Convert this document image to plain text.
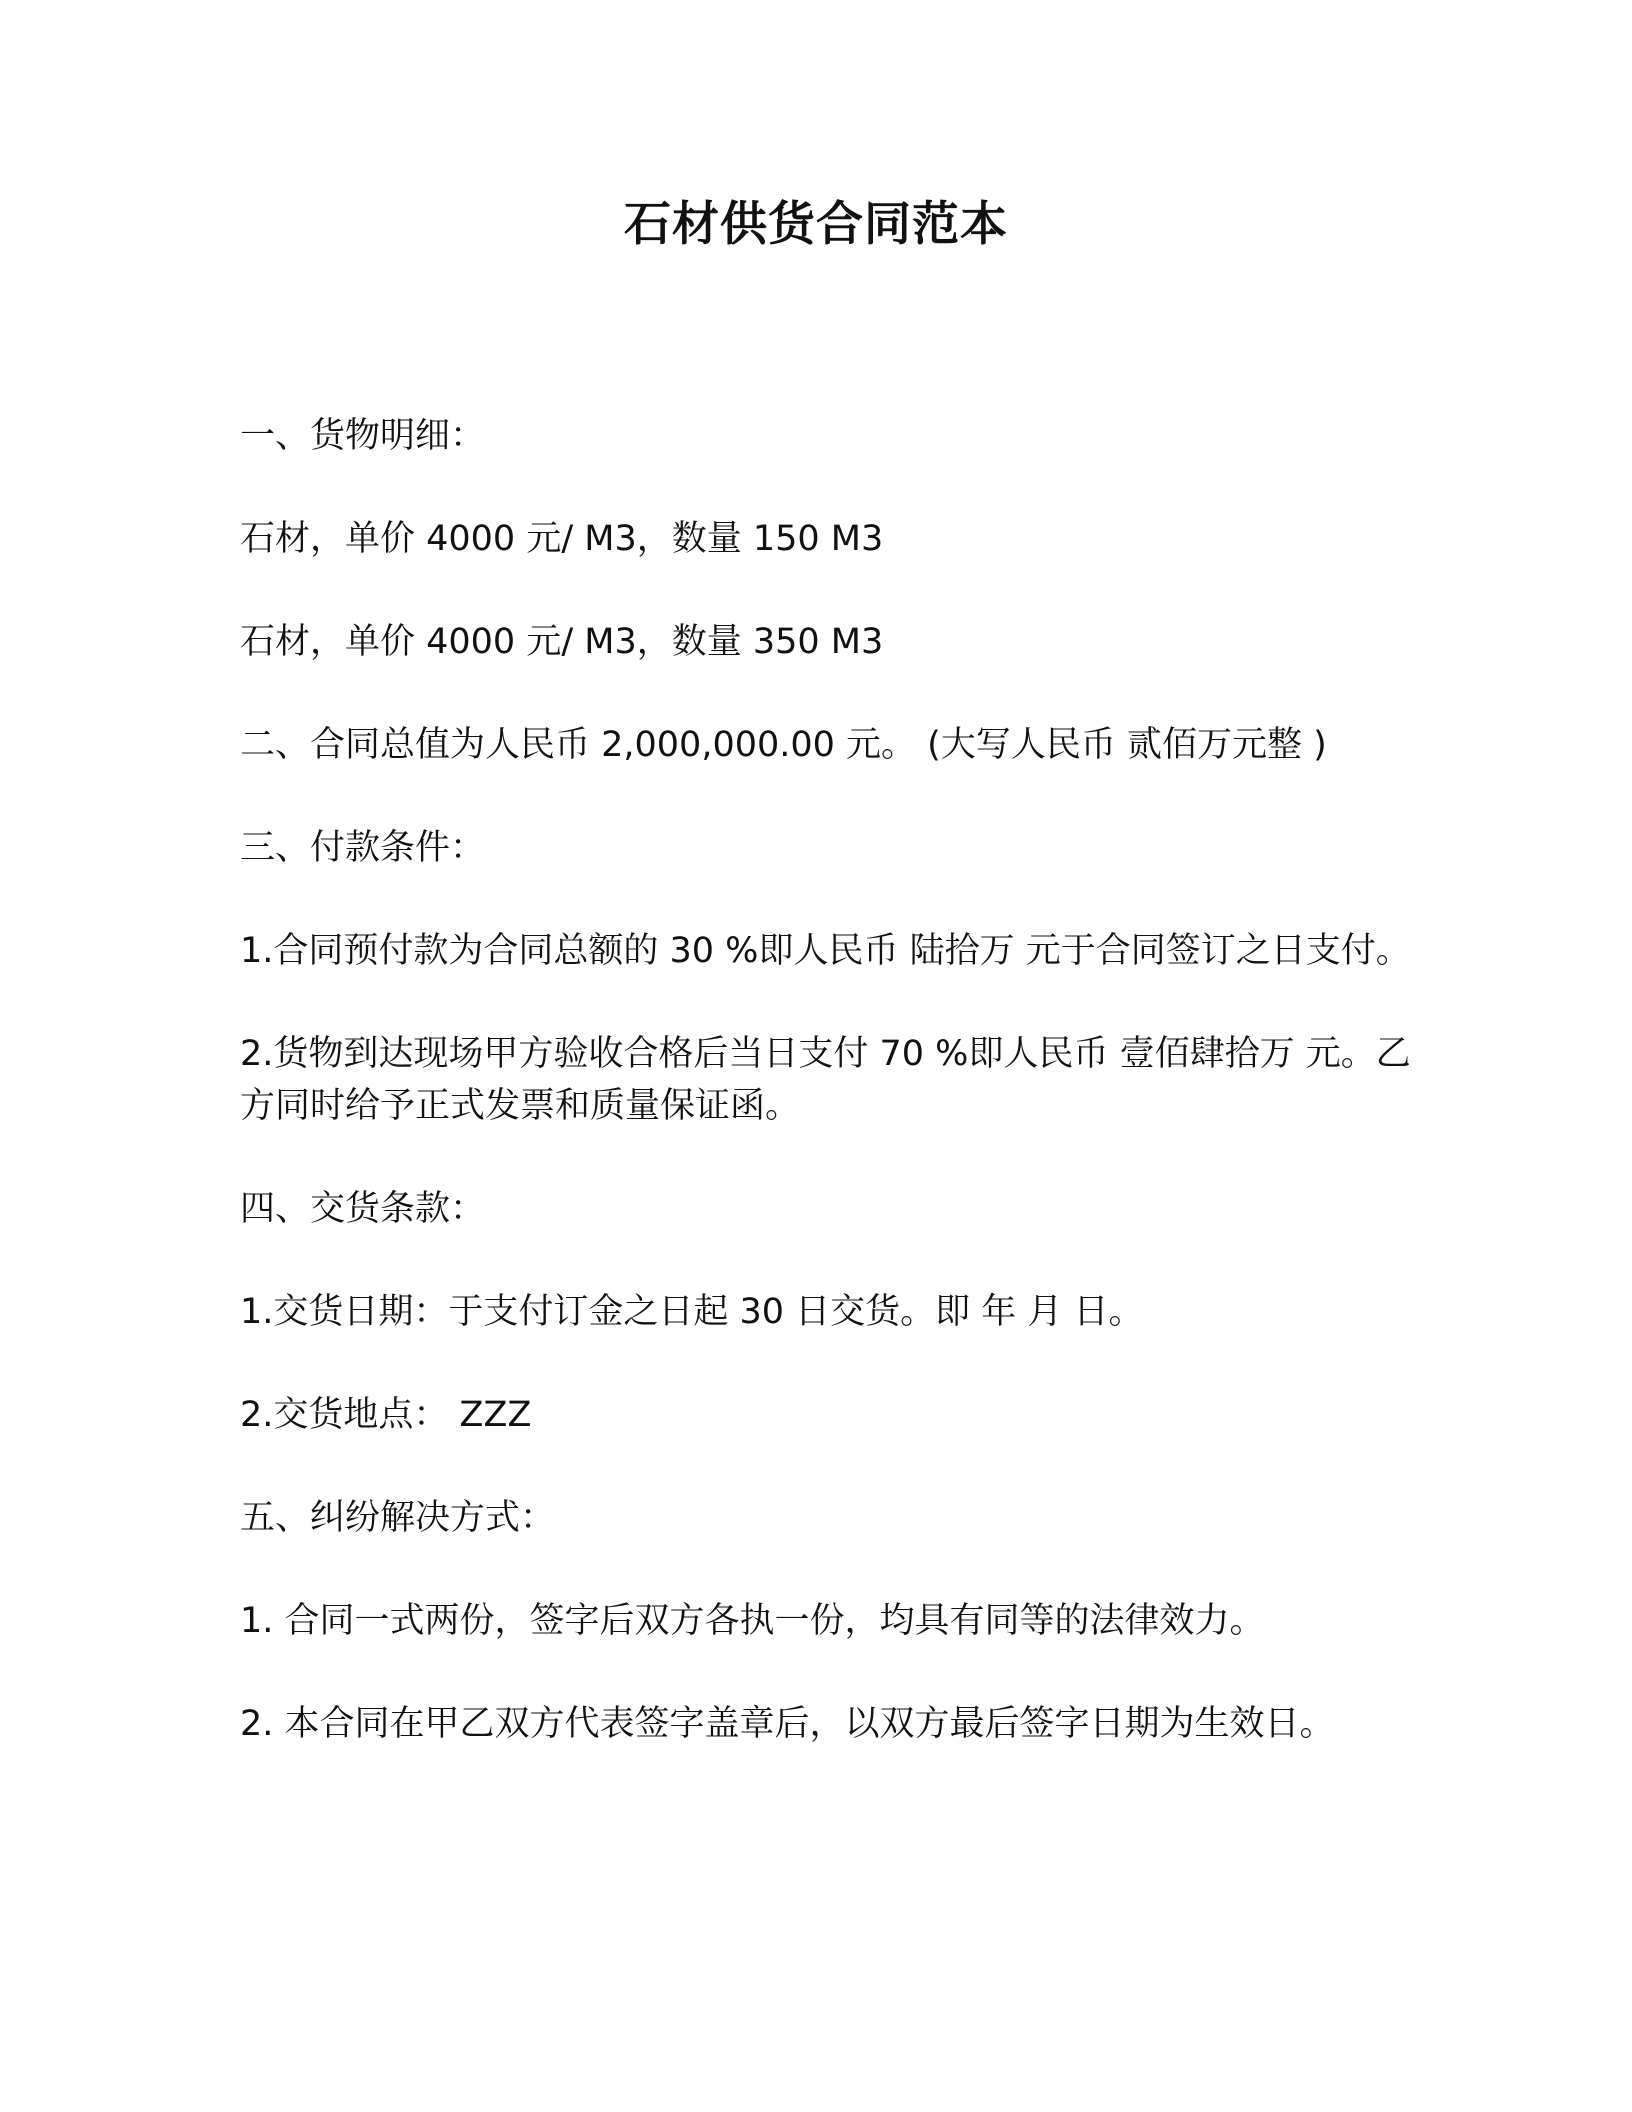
石材供货合同范本

一、货物明细：

石材，单价 4000 元/ M3，数量 150 M3

石材，单价 4000 元/ M3，数量 350 M3

二、合同总值为人民币 2,000,000.00 元。 (大写人民币 贰佰万元整 )

三、付款条件：

1.合同预付款为合同总额的 30 %即人民币 陆拾万 元于合同签订之日支付。

2.货物到达现场甲方验收合格后当日支付 70 %即人民币 壹佰肆拾万 元。乙方同时给予正式发票和质量保证函。

四、交货条款：

1.交货日期：于支付订金之日起 30 日交货。即 年 月 日。

2.交货地点： ZZZ

五、纠纷解决方式：

1. 合同一式两份，签字后双方各执一份，均具有同等的法律效力。

2. 本合同在甲乙双方代表签字盖章后，以双方最后签字日期为生效日。
